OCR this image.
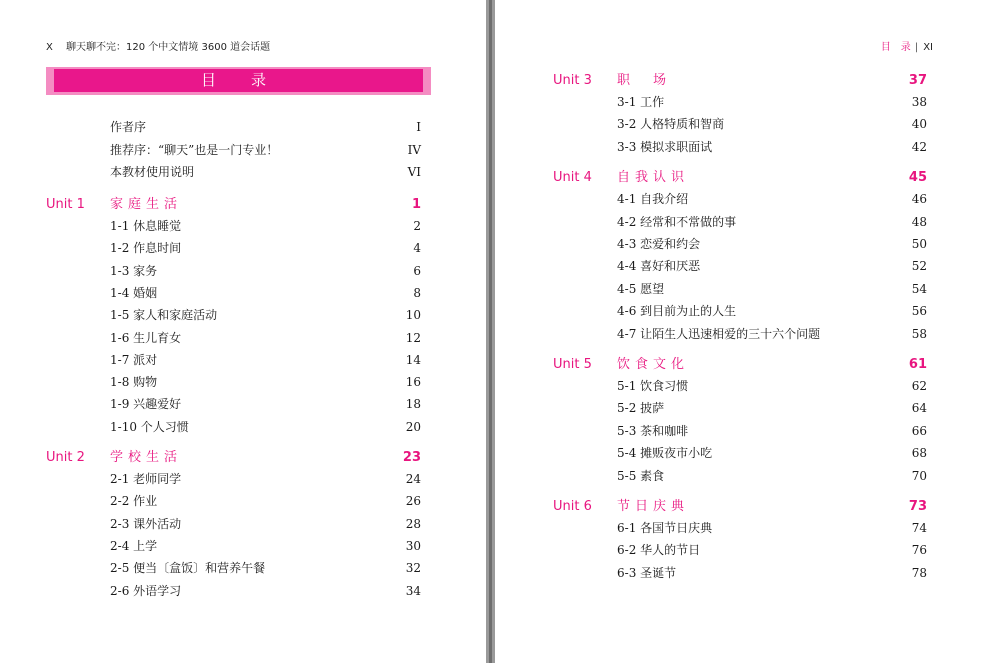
X 聊天聊不完：120 个中文情境 3600 道会话题
目　录
作者序	I
推荐序：“聊天”也是一门专业！	IV
本教材使用说明	VI
Unit 1 家庭生活	1
1-1 休息睡觉	2
1-2 作息时间	4
1-3 家务	6
1-4 婚姻	8
1-5 家人和家庭活动	10
1-6 生儿育女	12
1-7 派对	14
1-8 购物	16
1-9 兴趣爱好	18
1-10 个人习惯	20
Unit 2 学校生活	23
2-1 老师同学	24
2-2 作业	26
2-3 课外活动	28
2-4 上学	30
2-5 便当〔盒饭〕和营养午餐	32
2-6 外语学习	34
目　录 | XI
Unit 3 职　场	37
3-1 工作	38
3-2 人格特质和智商	40
3-3 模拟求职面试	42
Unit 4 自我认识	45
4-1 自我介绍	46
4-2 经常和不常做的事	48
4-3 恋爱和约会	50
4-4 喜好和厌恶	52
4-5 愿望	54
4-6 到目前为止的人生	56
4-7 让陌生人迅速相爱的三十六个问题	58
Unit 5 饮食文化	61
5-1 饮食习惯	62
5-2 披萨	64
5-3 茶和咖啡	66
5-4 摊贩夜市小吃	68
5-5 素食	70
Unit 6 节日庆典	73
6-1 各国节日庆典	74
6-2 华人的节日	76
6-3 圣诞节	78
